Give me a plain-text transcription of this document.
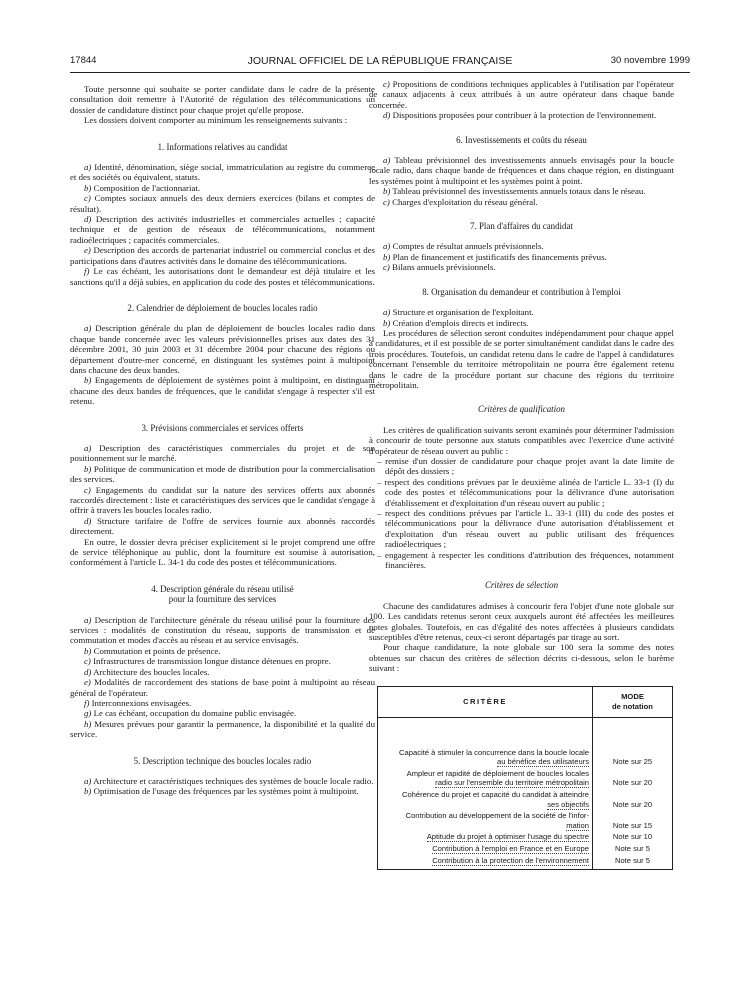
17844	JOURNAL OFFICIEL DE LA RÉPUBLIQUE FRANÇAISE	30 novembre 1999

Toute personne qui souhaite se porter candidate dans le cadre de la présente consultation doit remettre à l'Autorité de régulation des télécommunications un dossier de candidature distinct pour chaque projet qu'elle propose.

Les dossiers doivent comporter au minimum les renseignements suivants :

1. Informations relatives au candidat

a) Identité, dénomination, siège social, immatriculation au registre du commerce et des sociétés ou équivalent, statuts.

b) Composition de l'actionnariat.

c) Comptes sociaux annuels des deux derniers exercices (bilans et comptes de résultat).

d) Description des activités industrielles et commerciales actuelles ; capacité technique et de gestion de réseaux de télécommunications, notamment radioélectriques ; capacités commerciales.

e) Description des accords de partenariat industriel ou commercial conclus et des participations dans d'autres activités dans le domaine des télécommunications.

f) Le cas échéant, les autorisations dont le demandeur est déjà titulaire et les sanctions qu'il a déjà subies, en application du code des postes et télécommunications.

2. Calendrier de déploiement de boucles locales radio

a) Description générale du plan de déploiement de boucles locales radio dans chaque bande concernée avec les valeurs prévisionnelles prises aux dates des 31 décembre 2001, 30 juin 2003 et 31 décembre 2004 pour chacune des régions ou département d'outre-mer concerné, en distinguant les systèmes point à multipoint dans chacune des deux bandes.

b) Engagements de déploiement de systèmes point à multipoint, en distinguant chacune des deux bandes de fréquences, que le candidat s'engage à respecter s'il est retenu.

3. Prévisions commerciales et services offerts

a) Description des caractéristiques commerciales du projet et de son positionnement sur le marché.

b) Politique de communication et mode de distribution pour la commercialisation des services.

c) Engagements du candidat sur la nature des services offerts aux abonnés raccordés directement : liste et caractéristiques des services que le candidat s'engage à offrir à travers les boucles locales radio.

d) Structure tarifaire de l'offre de services fournie aux abonnés raccordés directement.

En outre, le dossier devra préciser explicitement si le projet comprend une offre de service téléphonique au public, dont la fourniture est soumise à autorisation, conformément à l'article L. 34-1 du code des postes et télécommunications.

4. Description générale du réseau utilisé
pour la fourniture des services

a) Description de l'architecture générale du réseau utilisé pour la fourniture des services : modalités de constitution du réseau, supports de transmission et de commutation et modes d'accès au réseau et au service envisagés.

b) Commutation et points de présence.

c) Infrastructures de transmission longue distance détenues en propre.

d) Architecture des boucles locales.

e) Modalités de raccordement des stations de base point à multipoint au réseau général de l'opérateur.

f) Interconnexions envisagées.

g) Le cas échéant, occupation du domaine public envisagée.

h) Mesures prévues pour garantir la permanence, la disponibilité et la qualité du service.

5. Description technique des boucles locales radio

a) Architecture et caractéristiques techniques des systèmes de boucle locale radio.

b) Optimisation de l'usage des fréquences par les systèmes point à multipoint.

c) Propositions de conditions techniques applicables à l'utilisation par l'opérateur de canaux adjacents à ceux attribués à un autre opérateur dans chaque bande concernée.

d) Dispositions proposées pour contribuer à la protection de l'environnement.

6. Investissements et coûts du réseau

a) Tableau prévisionnel des investissements annuels envisagés pour la boucle locale radio, dans chaque bande de fréquences et dans chaque région, en distinguant les systèmes point à multipoint et les systèmes point à point.

b) Tableau prévisionnel des investissements annuels totaux dans le réseau.

c) Charges d'exploitation du réseau général.

7. Plan d'affaires du candidat

a) Comptes de résultat annuels prévisionnels.

b) Plan de financement et justificatifs des financements prévus.

c) Bilans annuels prévisionnels.

8. Organisation du demandeur et contribution à l'emploi

a) Structure et organisation de l'exploitant.

b) Création d'emplois directs et indirects.

Les procédures de sélection seront conduites indépendamment pour chaque appel à candidatures, et il est possible de se porter simultanément candidat dans le cadre des trois procédures. Toutefois, un candidat retenu dans le cadre de l'appel à candidatures concernant l'ensemble du territoire métropolitain ne pourra être également retenu dans le cadre de la procédure portant sur chacune des régions du territoire métropolitain.

Critères de qualification

Les critères de qualification suivants seront examinés pour déterminer l'admission à concourir de toute personne aux statuts compatibles avec l'exercice d'une activité d'opérateur de réseau ouvert au public :

– remise d'un dossier de candidature pour chaque projet avant la date limite de dépôt des dossiers ;
– respect des conditions prévues par le deuxième alinéa de l'article L. 33-1 (I) du code des postes et télécommunications pour la délivrance d'une autorisation d'établissement et d'exploitation d'un réseau ouvert au public ;
– respect des conditions prévues par l'article L. 33-1 (III) du code des postes et télécommunications pour la délivrance d'une autorisation d'établissement et d'exploitation d'un réseau ouvert au public utilisant des fréquences radioélectriques ;
– engagement à respecter les conditions d'attribution des fréquences, notamment financières.
Critères de sélection

Chacune des candidatures admises à concourir fera l'objet d'une note globale sur 100. Les candidats retenus seront ceux auxquels auront été affectées les meilleures notes globales. Toutefois, en cas d'égalité des notes affectées à plusieurs candidats susceptibles d'être retenus, ceux-ci seront départagés par tirage au sort.

Pour chaque candidature, la note globale sur 100 sera la somme des notes obtenues sur chacun des critères de sélection décrits ci-dessous, selon le barème suivant :

CRITÈRE	MODE
de notation

Capacité à stimuler la concurrence dans la boucle locale
au bénéfice des utilisateurs	Note sur 25

Ampleur et rapidité de déploiement de boucles locales
radio sur l'ensemble du territoire métropolitain	Note sur 20

Cohérence du projet et capacité du candidat à atteindre
ses objectifs	Note sur 20

Contribution au développement de la société de l'infor-
mation	Note sur 15

Aptitude du projet à optimiser l'usage du spectre	Note sur 10

Contribution à l'emploi en France et en Europe	Note sur 5

Contribution à la protection de l'environnement	Note sur 5
